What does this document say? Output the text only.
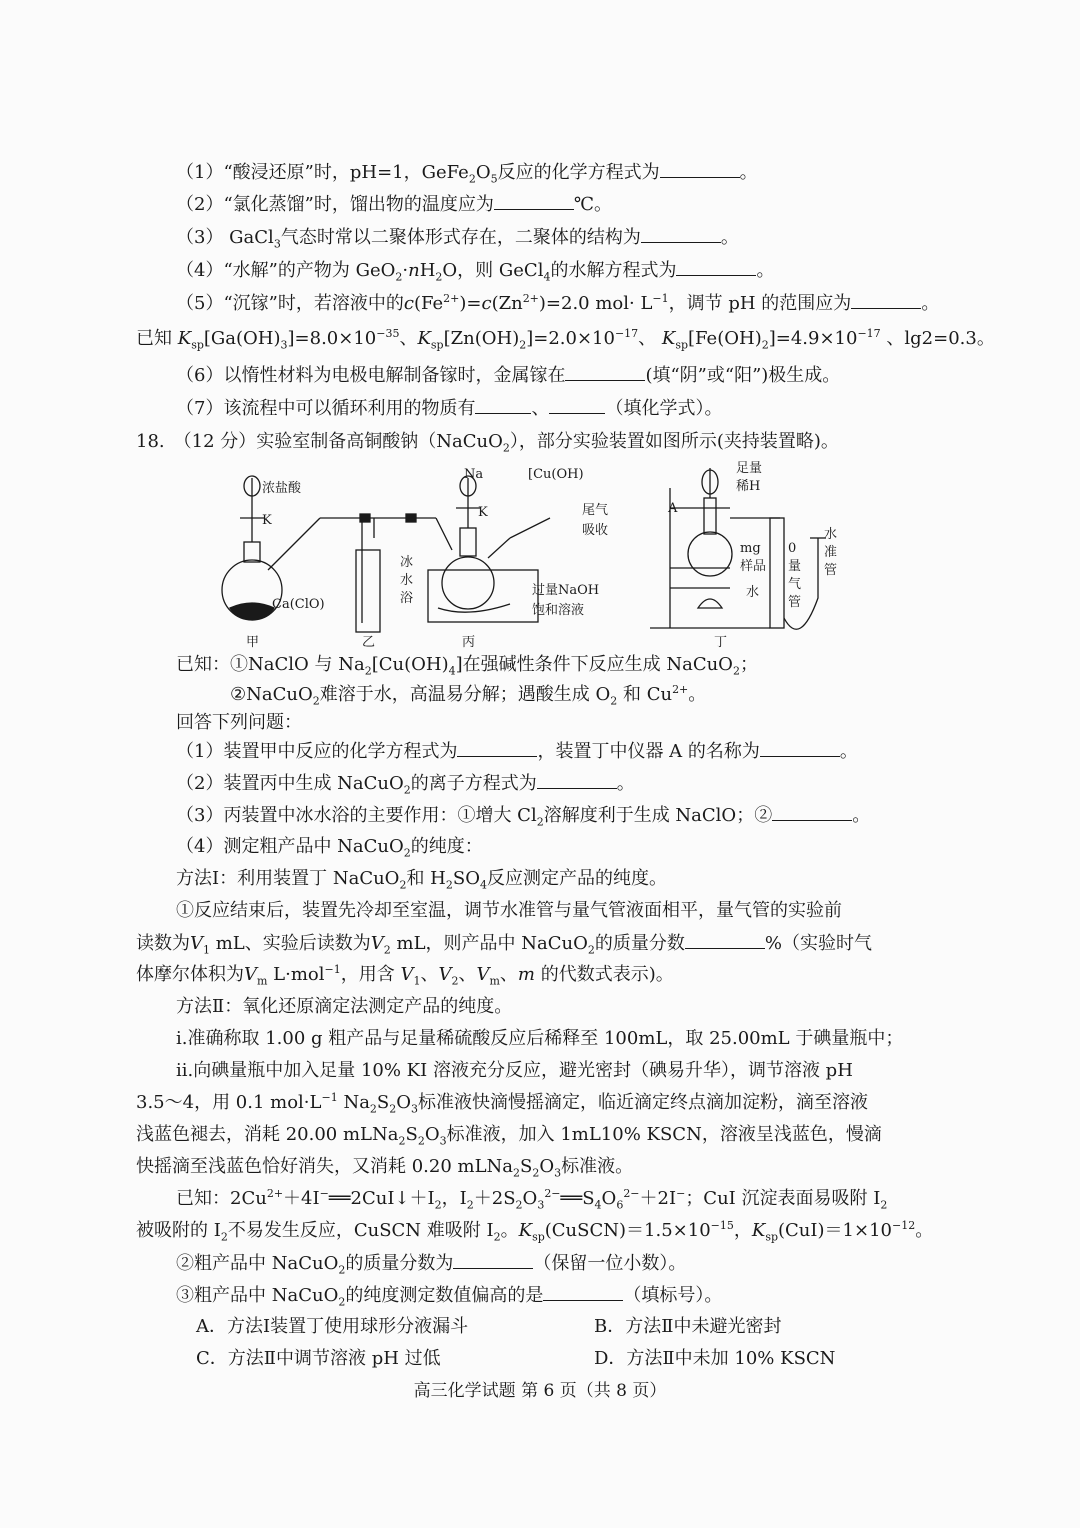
（1）“酸浸还原”时，pH=1，$GeFe_2O_5$反应的化学方程式为	。
（2）“氯化蒸馏”时，馏出物的温度应为	℃。
（3） GaCl$_3$气态时常以二聚体形式存在，二聚体的结构为	。
（4）“水解”的产物为 $GeO_2\cdot nH_2O$，则 GeCl$_4$的水解方程式为	。
（5）“沉镓”时，若溶液中的$c(Fe^{2+})=c(Zn^{2+})=2.0$ $mol\cdot L^{-1}$，调节 pH 的范围应为	。
已知 $K_{sp}[Ga(OH)_3]=8.0\times 10^{-35}$、$K_{sp}[Zn(OH)_2]=2.0\times 10^{-17}$、 $K_{sp}[Fe(OH)_2]=4.9\times 10^{-17}$ 、lg2=0.3。
（6）以惰性材料为电极电解制备镓时，金属镓在	(填“阴”或“阳”)极生成。
（7）该流程中可以循环利用的物质有	、	（填化学式）。
18.　（12 分）实验室制备高铜酸钠（NaCuO$_2$），部分实验装置如图所示(夹持装置略)。
浓盐酸
K
Ca(ClO)
Na	[Cu(OH)
K	尾气
吸收
冰
水
浴
过量NaOH
饱和溶液
足量
稀H
A
mg
样品
水
0
量
气
管
水
准
管
甲	乙	丙	丁
已知：①NaClO 与 $Na_2[Cu(OH)_4]$在强碱性条件下反应生成 NaCuO$_2$；
②NaCuO$_2$难溶于水，高温易分解；遇酸生成 $O_2$ 和 $Cu^{2+}$。
回答下列问题：
（1）装置甲中反应的化学方程式为	，装置丁中仪器 A 的名称为	。
（2）装置丙中生成 NaCuO$_2$的离子方程式为	。
（3）丙装置中冰水浴的主要作用：①增大 $Cl_2$溶解度利于生成 NaClO；②	。
（4）测定粗产品中 NaCuO$_2$的纯度：
方法Ⅰ：利用装置丁 NaCuO$_2$和 $H_2SO_4$反应测定产品的纯度。
①反应结束后，装置先冷却至室温，调节水准管与量气管液面相平，量气管的实验前
读数为$V_1$ mL、实验后读数为$V_2$ mL，则产品中 NaCuO$_2$的质量分数	%（实验时气
体摩尔体积为$V_m$ L·mol$^{-1}$，用含 $V_1$、$V_2$、$V_m$、m 的代数式表示)。
方法Ⅱ：氧化还原滴定法测定产品的纯度。
i.准确称取 1.00 g 粗产品与足量稀硫酸反应后稀释至 100mL，取 25.00mL 于碘量瓶中；
ii.向碘量瓶中加入足量 10% KI 溶液充分反应，避光密封（碘易升华），调节溶液 pH
3.5～4，用 0.1 $mol\cdot L^{-1}$ $Na_2S_2O_3$标准液快滴慢摇滴定，临近滴定终点滴加淀粉，滴至溶液
浅蓝色褪去，消耗 20.00 $mLNa_2S_2O_3$标准液，加入 1mL10% KSCN，溶液呈浅蓝色，慢滴
快摇滴至浅蓝色恰好消失，又消耗 0.20 $mLNa_2S_2O_3$标准液。
已知：$2Cu^{2+}+4I^-══2CuI↓+I_2$，$I_2+2S_2O_3^{2-}══S_4O_6^{2-}+2I^-$；CuI 沉淀表面易吸附 $I_2$
被吸附的 $I_2$不易发生反应，CuSCN 难吸附 $I_2$。$K_{sp}(CuSCN)=1.5\times 10^{-15}$，$K_{sp}(CuI)=1\times 10^{-12}$。
②粗产品中 NaCuO$_2$的质量分数为	（保留一位小数）。
③粗产品中 NaCuO$_2$的纯度测定数值偏高的是	（填标号）。
A．方法Ⅰ装置丁使用球形分液漏斗	B．方法Ⅱ中未避光密封
C．方法Ⅱ中调节溶液 pH 过低	D．方法Ⅱ中未加 10% KSCN
高三化学试题 第 6 页（共 8 页）
